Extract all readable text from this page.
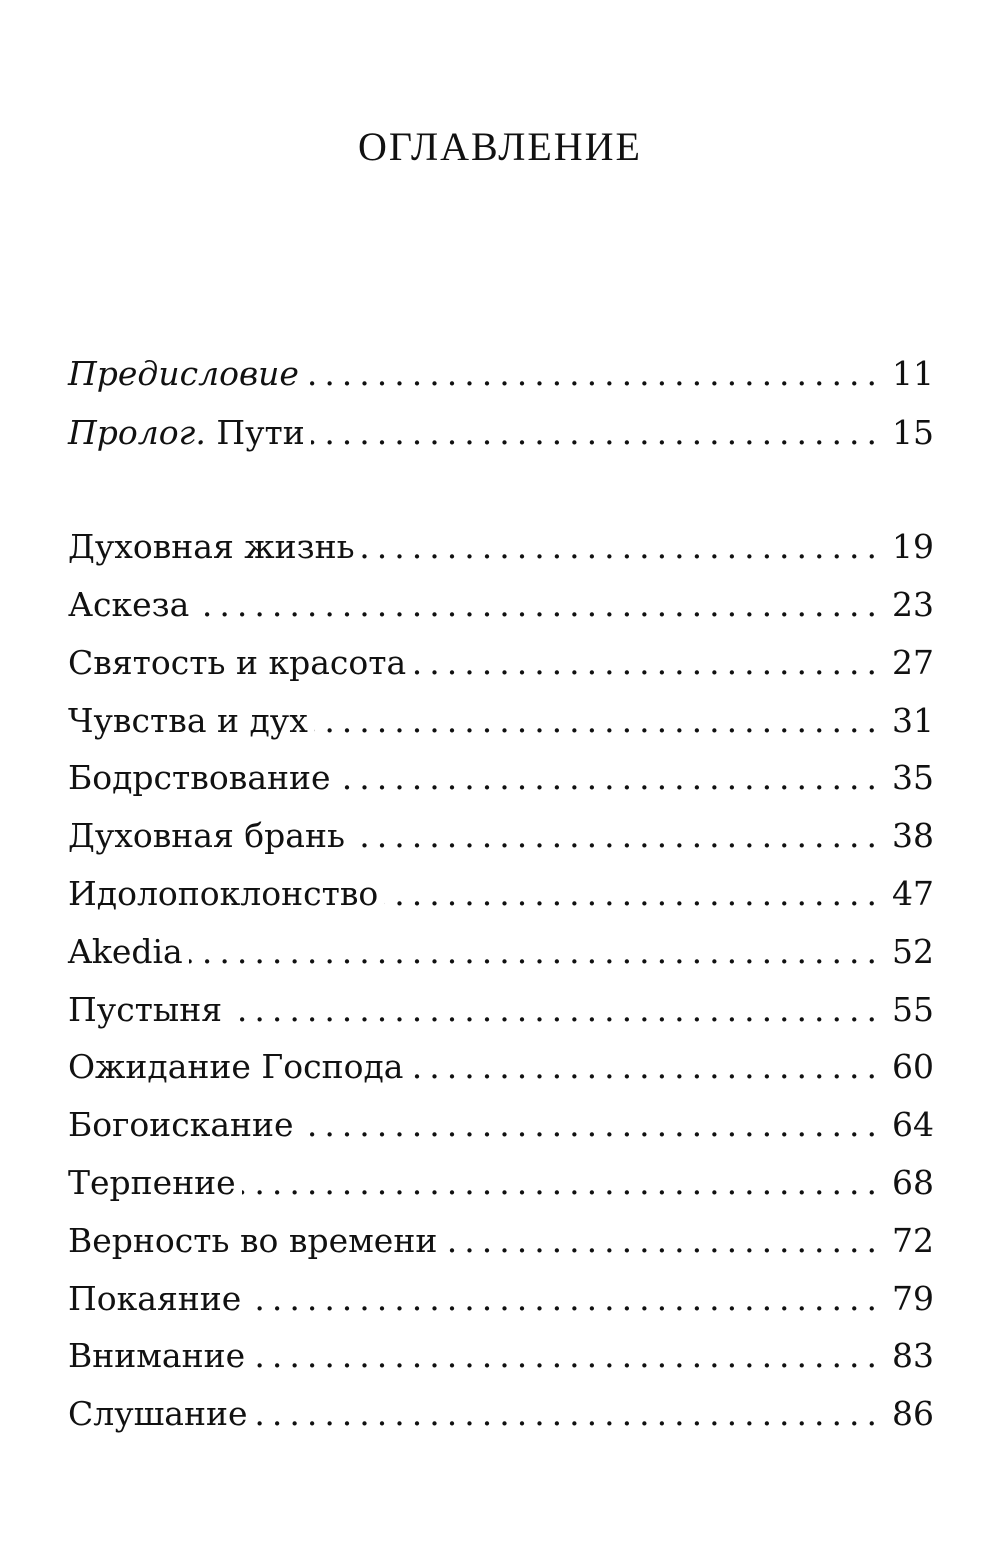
ОГЛАВЛЕНИЕ
Предисловие .....	11
Пролог. Пути .....	15
Духовная жизнь .....	19
Аскеза .....	23
Святость и красота .....	27
Чувства и дух .....	31
Бодрствование .....	35
Духовная брань .....	38
Идолопоклонство .....	47
Akedia .....	52
Пустыня .....	55
Ожидание Господа .....	60
Богоискание .....	64
Терпение .....	68
Верность во времени .....	72
Покаяние .....	79
Внимание .....	83
Слушание .....	86
